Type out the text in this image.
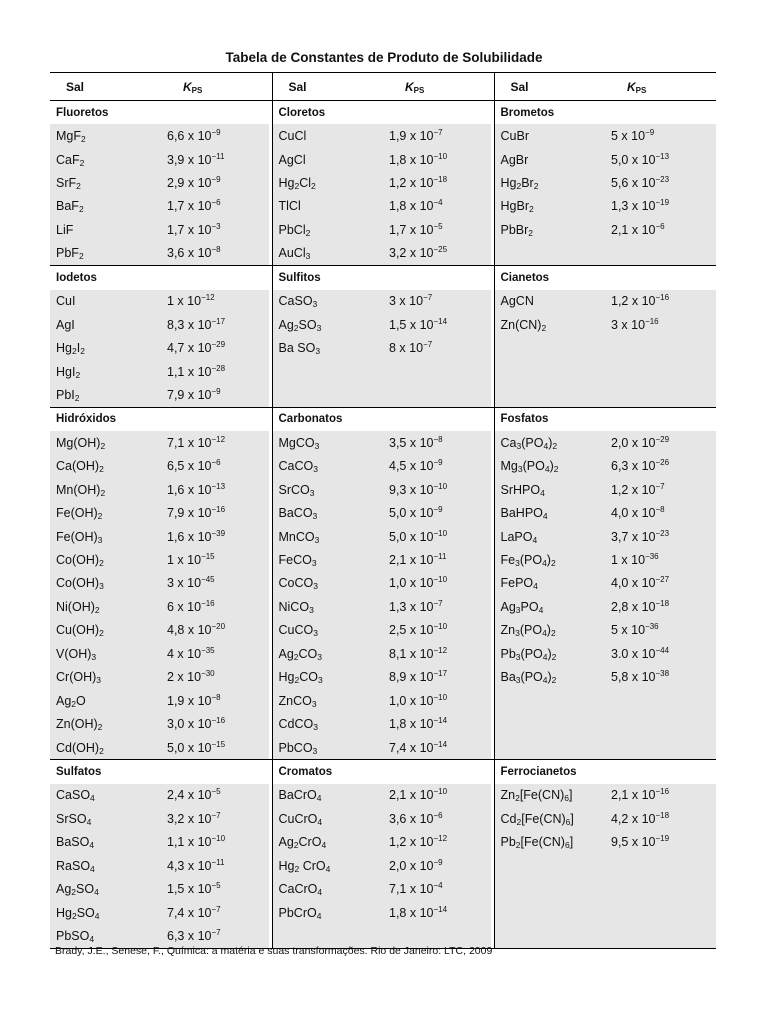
Tabela de Constantes de Produto de Solubilidade
Sal	$K_{PS}$	Sal	$K_{PS}$	Sal	$K_{PS}$
Fluoretos		Cloretos		Brometos	
MgF$_2$	6,6 x $10^{-9}$	CuCl	1,9 x $10^{-7}$	CuBr	5 x $10^{-9}$
CaF$_2$	3,9 x $10^{-11}$	AgCl	1,8 x $10^{-10}$	AgBr	5,0 x $10^{-13}$
SrF$_2$	2,9 x $10^{-9}$	$Hg_2Cl_2$	1,2 x $10^{-18}$	$Hg_2Br_2$	5,6 x $10^{-23}$
BaF$_2$	1,7 x $10^{-6}$	TlCl	1,8 x $10^{-4}$	HgBr$_2$	1,3 x $10^{-19}$
LiF	1,7 x $10^{-3}$	PbCl$_2$	1,7 x $10^{-5}$	PbBr$_2$	2,1 x $10^{-6}$
PbF$_2$	3,6 x $10^{-8}$	AuCl$_3$	3,2 x $10^{-25}$		
Iodetos		Sulfitos		Cianetos	
CuI	1 x $10^{-12}$	CaSO$_3$	3 x $10^{-7}$	AgCN	1,2 x $10^{-16}$
AgI	8,3 x $10^{-17}$	$Ag_2SO_3$	1,5 x $10^{-14}$	$Zn(CN)_2$	3 x $10^{-16}$
$Hg_2I_2$	4,7 x $10^{-29}$	Ba $SO_3$	8 x $10^{-7}$		
HgI$_2$	1,1 x $10^{-28}$				
PbI$_2$	7,9 x $10^{-9}$				
Hidróxidos		Carbonatos		Fosfatos	
$Mg(OH)_2$	7,1 x $10^{-12}$	MgCO$_3$	3,5 x $10^{-8}$	$Ca_3(PO_4)_2$	2,0 x $10^{-29}$
$Ca(OH)_2$	6,5 x $10^{-6}$	CaCO$_3$	4,5 x $10^{-9}$	$Mg_3(PO_4)_2$	6,3 x $10^{-26}$
$Mn(OH)_2$	1,6 x $10^{-13}$	SrCO$_3$	9,3 x $10^{-10}$	SrHPO$_4$	1,2 x $10^{-7}$
$Fe(OH)_2$	7,9 x $10^{-16}$	BaCO$_3$	5,0 x $10^{-9}$	BaHPO$_4$	4,0 x $10^{-8}$
$Fe(OH)_3$	1,6 x $10^{-39}$	MnCO$_3$	5,0 x $10^{-10}$	LaPO$_4$	3,7 x $10^{-23}$
$Co(OH)_2$	1 x $10^{-15}$	FeCO$_3$	2,1 x $10^{-11}$	$Fe_3(PO_4)_2$	1 x $10^{-36}$
$Co(OH)_3$	3 x $10^{-45}$	CoCO$_3$	1,0 x $10^{-10}$	FePO$_4$	4,0 x $10^{-27}$
$Ni(OH)_2$	6 x $10^{-16}$	NiCO$_3$	1,3 x $10^{-7}$	$Ag_3PO_4$	2,8 x $10^{-18}$
$Cu(OH)_2$	4,8 x $10^{-20}$	CuCO$_3$	2,5 x $10^{-10}$	$Zn_3(PO_4)_2$	5 x $10^{-36}$
$V(OH)_3$	4 x $10^{-35}$	$Ag_2CO_3$	8,1 x $10^{-12}$	$Pb_3(PO_4)_2$	3.0 x $10^{-44}$
$Cr(OH)_3$	2 x $10^{-30}$	$Hg_2CO_3$	8,9 x $10^{-17}$	$Ba_3(PO_4)_2$	5,8 x $10^{-38}$
$Ag_2O$	1,9 x $10^{-8}$	ZnCO$_3$	1,0 x $10^{-10}$		
$Zn(OH)_2$	3,0 x $10^{-16}$	CdCO$_3$	1,8 x $10^{-14}$		
$Cd(OH)_2$	5,0 x $10^{-15}$	PbCO$_3$	7,4 x $10^{-14}$		
Sulfatos		Cromatos		Ferrocianetos	
CaSO$_4$	2,4 x $10^{-5}$	BaCrO$_4$	2,1 x $10^{-10}$	$Zn_2[Fe(CN)_6]$	2,1 x $10^{-16}$
SrSO$_4$	3,2 x $10^{-7}$	CuCrO$_4$	3,6 x $10^{-6}$	$Cd_2[Fe(CN)_6]$	4,2 x $10^{-18}$
BaSO$_4$	1,1 x $10^{-10}$	$Ag_2CrO_4$	1,2 x $10^{-12}$	$Pb_2[Fe(CN)_6]$	9,5 x $10^{-19}$
RaSO$_4$	4,3 x $10^{-11}$	$Hg_2$ CrO$_4$	2,0 x $10^{-9}$		
$Ag_2SO_4$	1,5 x $10^{-5}$	CaCrO$_4$	7,1 x $10^{-4}$		
$Hg_2SO_4$	7,4 x $10^{-7}$	PbCrO$_4$	1,8 x $10^{-14}$		
PbSO$_4$	6,3 x $10^{-7}$				
Brady, J.E., Senese, F., Química: a matéria e suas transformações. Rio de Janeiro: LTC, 2009
